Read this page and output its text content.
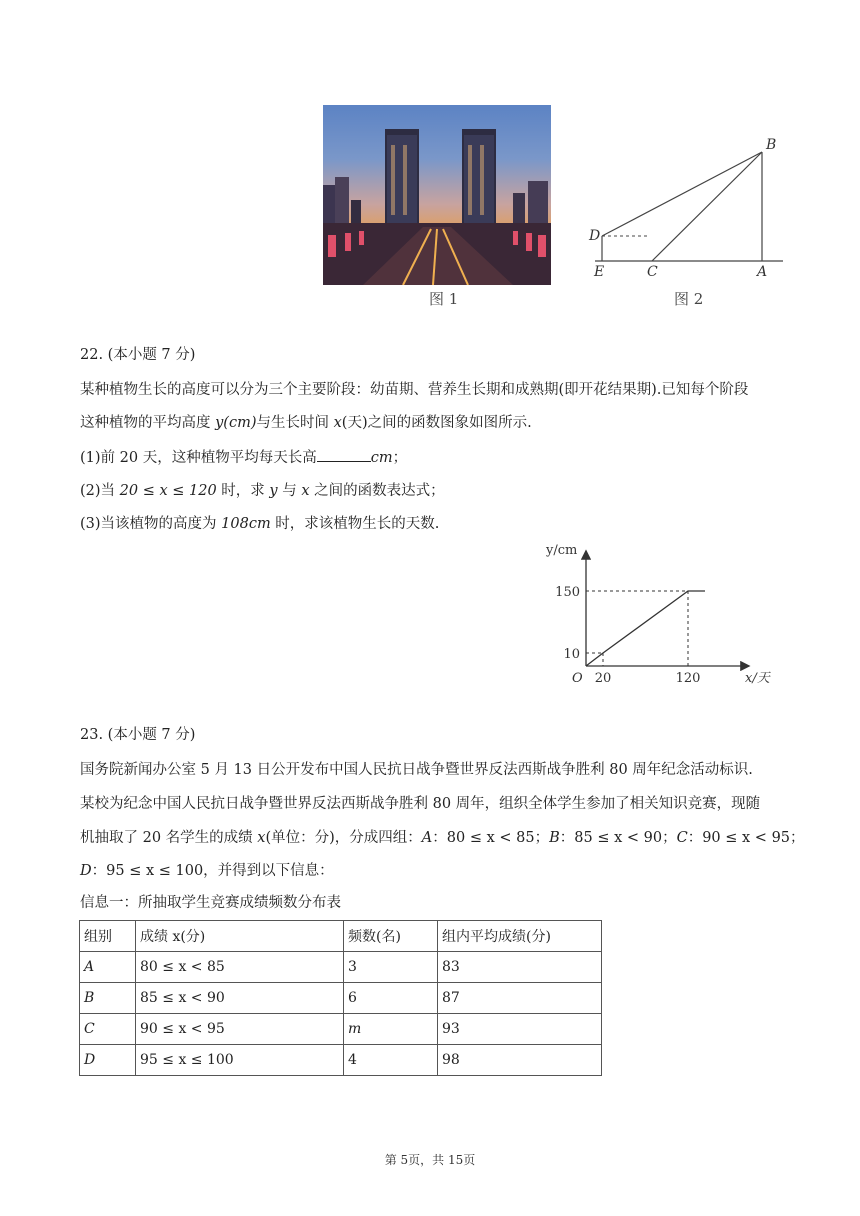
图 1
B
D
E	C	A
图 2
22. (本小题 7 分)
某种植物生长的高度可以分为三个主要阶段：幼苗期、营养生长期和成熟期(即开花结果期).已知每个阶段
这种植物的平均高度 y(cm)与生长时间 x(天)之间的函数图象如图所示.
(1)前 20 天，这种植物平均每天长高	cm；
(2)当 20 ≤ x ≤ 120 时，求 y 与 x 之间的函数表达式；
(3)当该植物的高度为 108cm 时，求该植物生长的天数.
y/cm
x/天
O
150
10
20	120
23. (本小题 7 分)
国务院新闻办公室 5 月 13 日公开发布中国人民抗日战争暨世界反法西斯战争胜利 80 周年纪念活动标识.
某校为纪念中国人民抗日战争暨世界反法西斯战争胜利 80 周年，组织全体学生参加了相关知识竞赛，现随
机抽取了 20 名学生的成绩 x(单位：分)，分成四组：A：80 ≤ x < 85；B：85 ≤ x < 90；C：90 ≤ x < 95；
D：95 ≤ x ≤ 100，并得到以下信息：
信息一：所抽取学生竞赛成绩频数分布表
组别	成绩 x(分)	频数(名)	组内平均成绩(分)
A	80 ≤ x < 85	3	83
B	85 ≤ x < 90	6	87
C	90 ≤ x < 95	m	93
D	95 ≤ x ≤ 100	4	98
第 5页，共 15页
